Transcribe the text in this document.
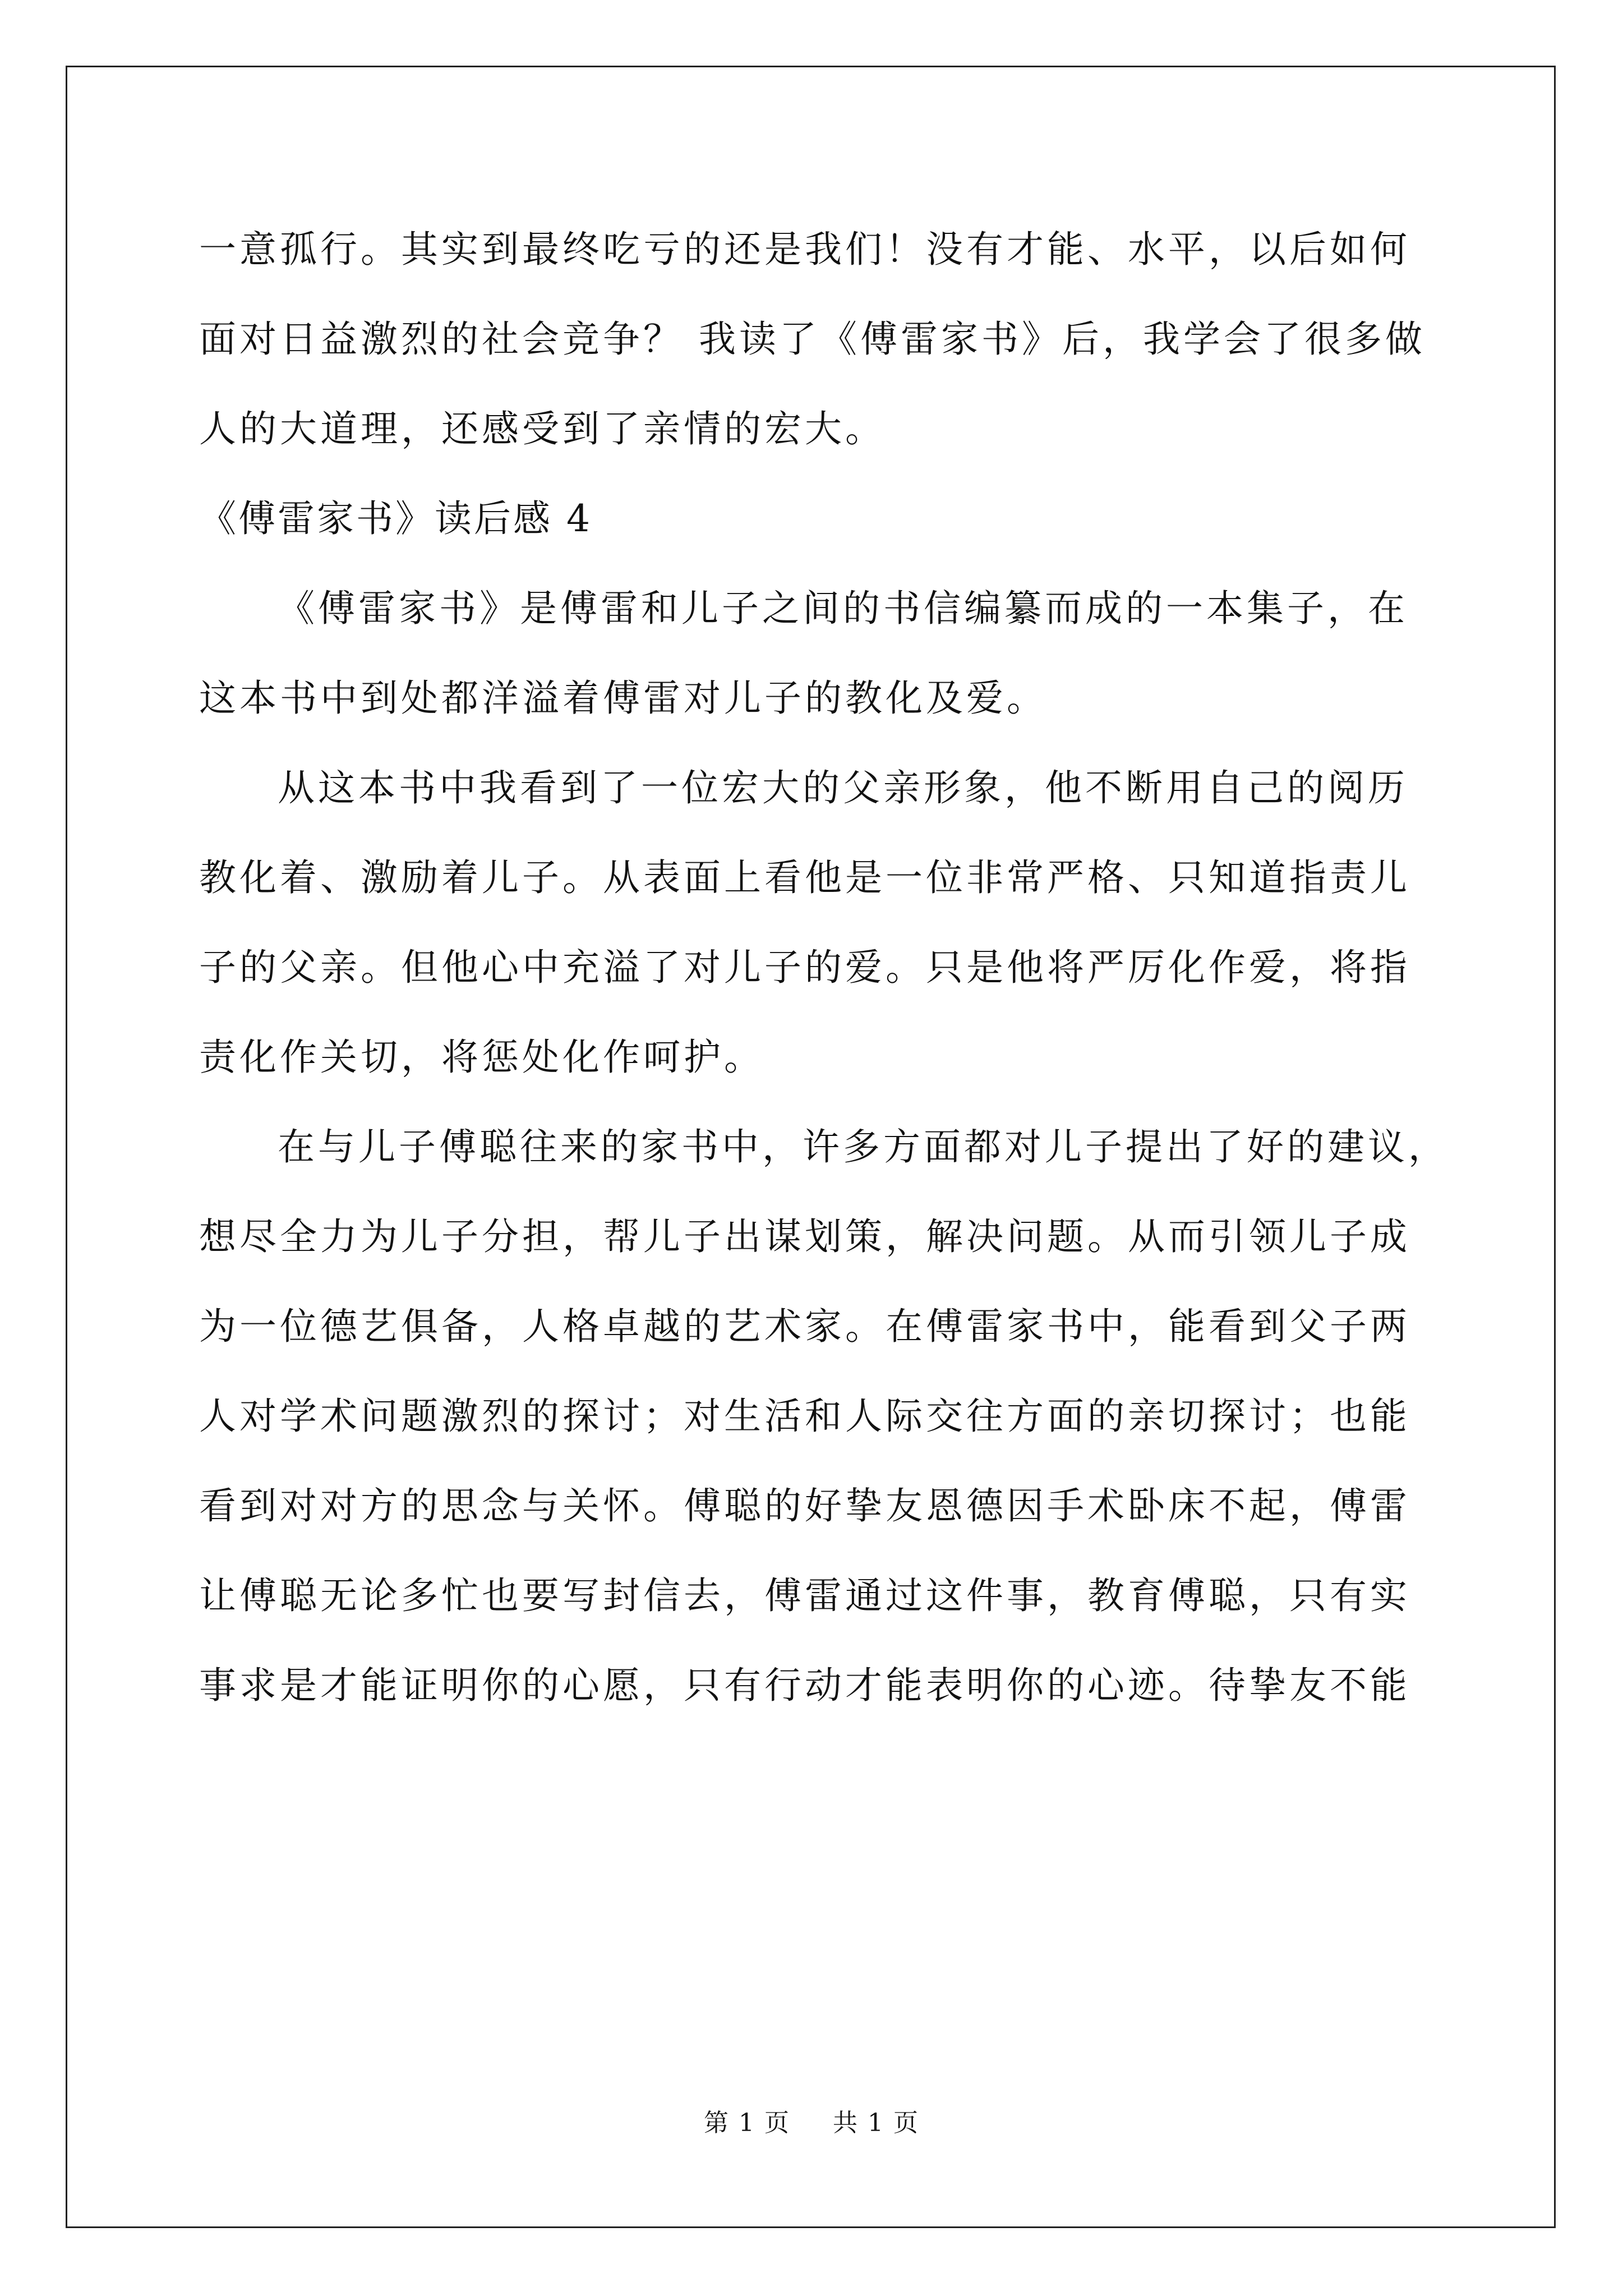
一意孤行。其实到最终吃亏的还是我们！没有才能、水平，以后如何
面对日益激烈的社会竞争？ 我读了《傅雷家书》后，我学会了很多做
人的大道理，还感受到了亲情的宏大。
《傅雷家书》读后感 4
《傅雷家书》是傅雷和儿子之间的书信编纂而成的一本集子，在
这本书中到处都洋溢着傅雷对儿子的教化及爱。
从这本书中我看到了一位宏大的父亲形象，他不断用自己的阅历
教化着、激励着儿子。从表面上看他是一位非常严格、只知道指责儿
子的父亲。但他心中充溢了对儿子的爱。只是他将严厉化作爱，将指
责化作关切，将惩处化作呵护。
在与儿子傅聪往来的家书中，许多方面都对儿子提出了好的建议，
想尽全力为儿子分担，帮儿子出谋划策，解决问题。从而引领儿子成
为一位德艺俱备，人格卓越的艺术家。在傅雷家书中，能看到父子两
人对学术问题激烈的探讨；对生活和人际交往方面的亲切探讨；也能
看到对对方的思念与关怀。傅聪的好挚友恩德因手术卧床不起，傅雷
让傅聪无论多忙也要写封信去，傅雷通过这件事，教育傅聪，只有实
事求是才能证明你的心愿，只有行动才能表明你的心迹。待挚友不能
第 1 页 共 1 页
